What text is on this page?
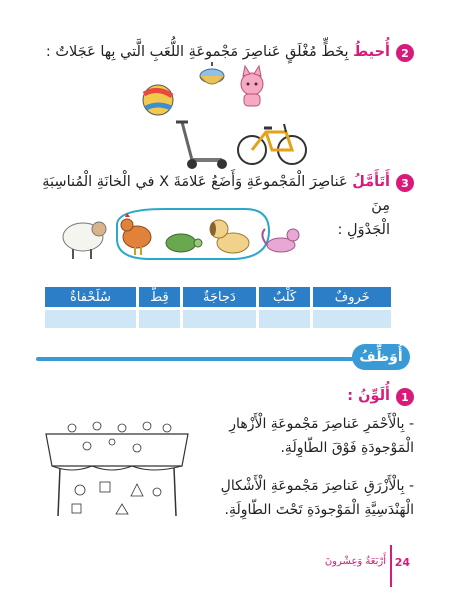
2
أُحيطُ بِخَطٍّ مُغْلَقٍ عَناصِرَ مَجْموعَةِ اللُّعَبِ الَّتي بِها عَجَلاتٌ :
3
أَتَأَمَّلُ عَناصِرَ الْمَجْموعَةِ وَأَضَعُ عَلامَةَ X في الْخانَةِ الْمُناسِبَةِ مِنَ
الْجَدْوَلِ :
خَروفٌ	كَلْبٌ	دَجاجَةٌ	قِطٌّ	سُلَحْفاةٌ

أُوَظِّفُ
1
أُلَوِّنُ :
- بِالْأَحْمَرِ عَناصِرَ مَجْموعَةِ الْأَزْهارِ
الْمَوْجودَةِ فَوْقَ الطّاوِلَةِ.
- بِالْأَزْرَقِ عَناصِرَ مَجْموعَةِ الْأَشْكالِ
الْهَنْدَسِيَّةِ الْمَوْجودَةِ تَحْتَ الطّاوِلَةِ.
24
أَرْبَعَةٌ وَعِشْرونَ
